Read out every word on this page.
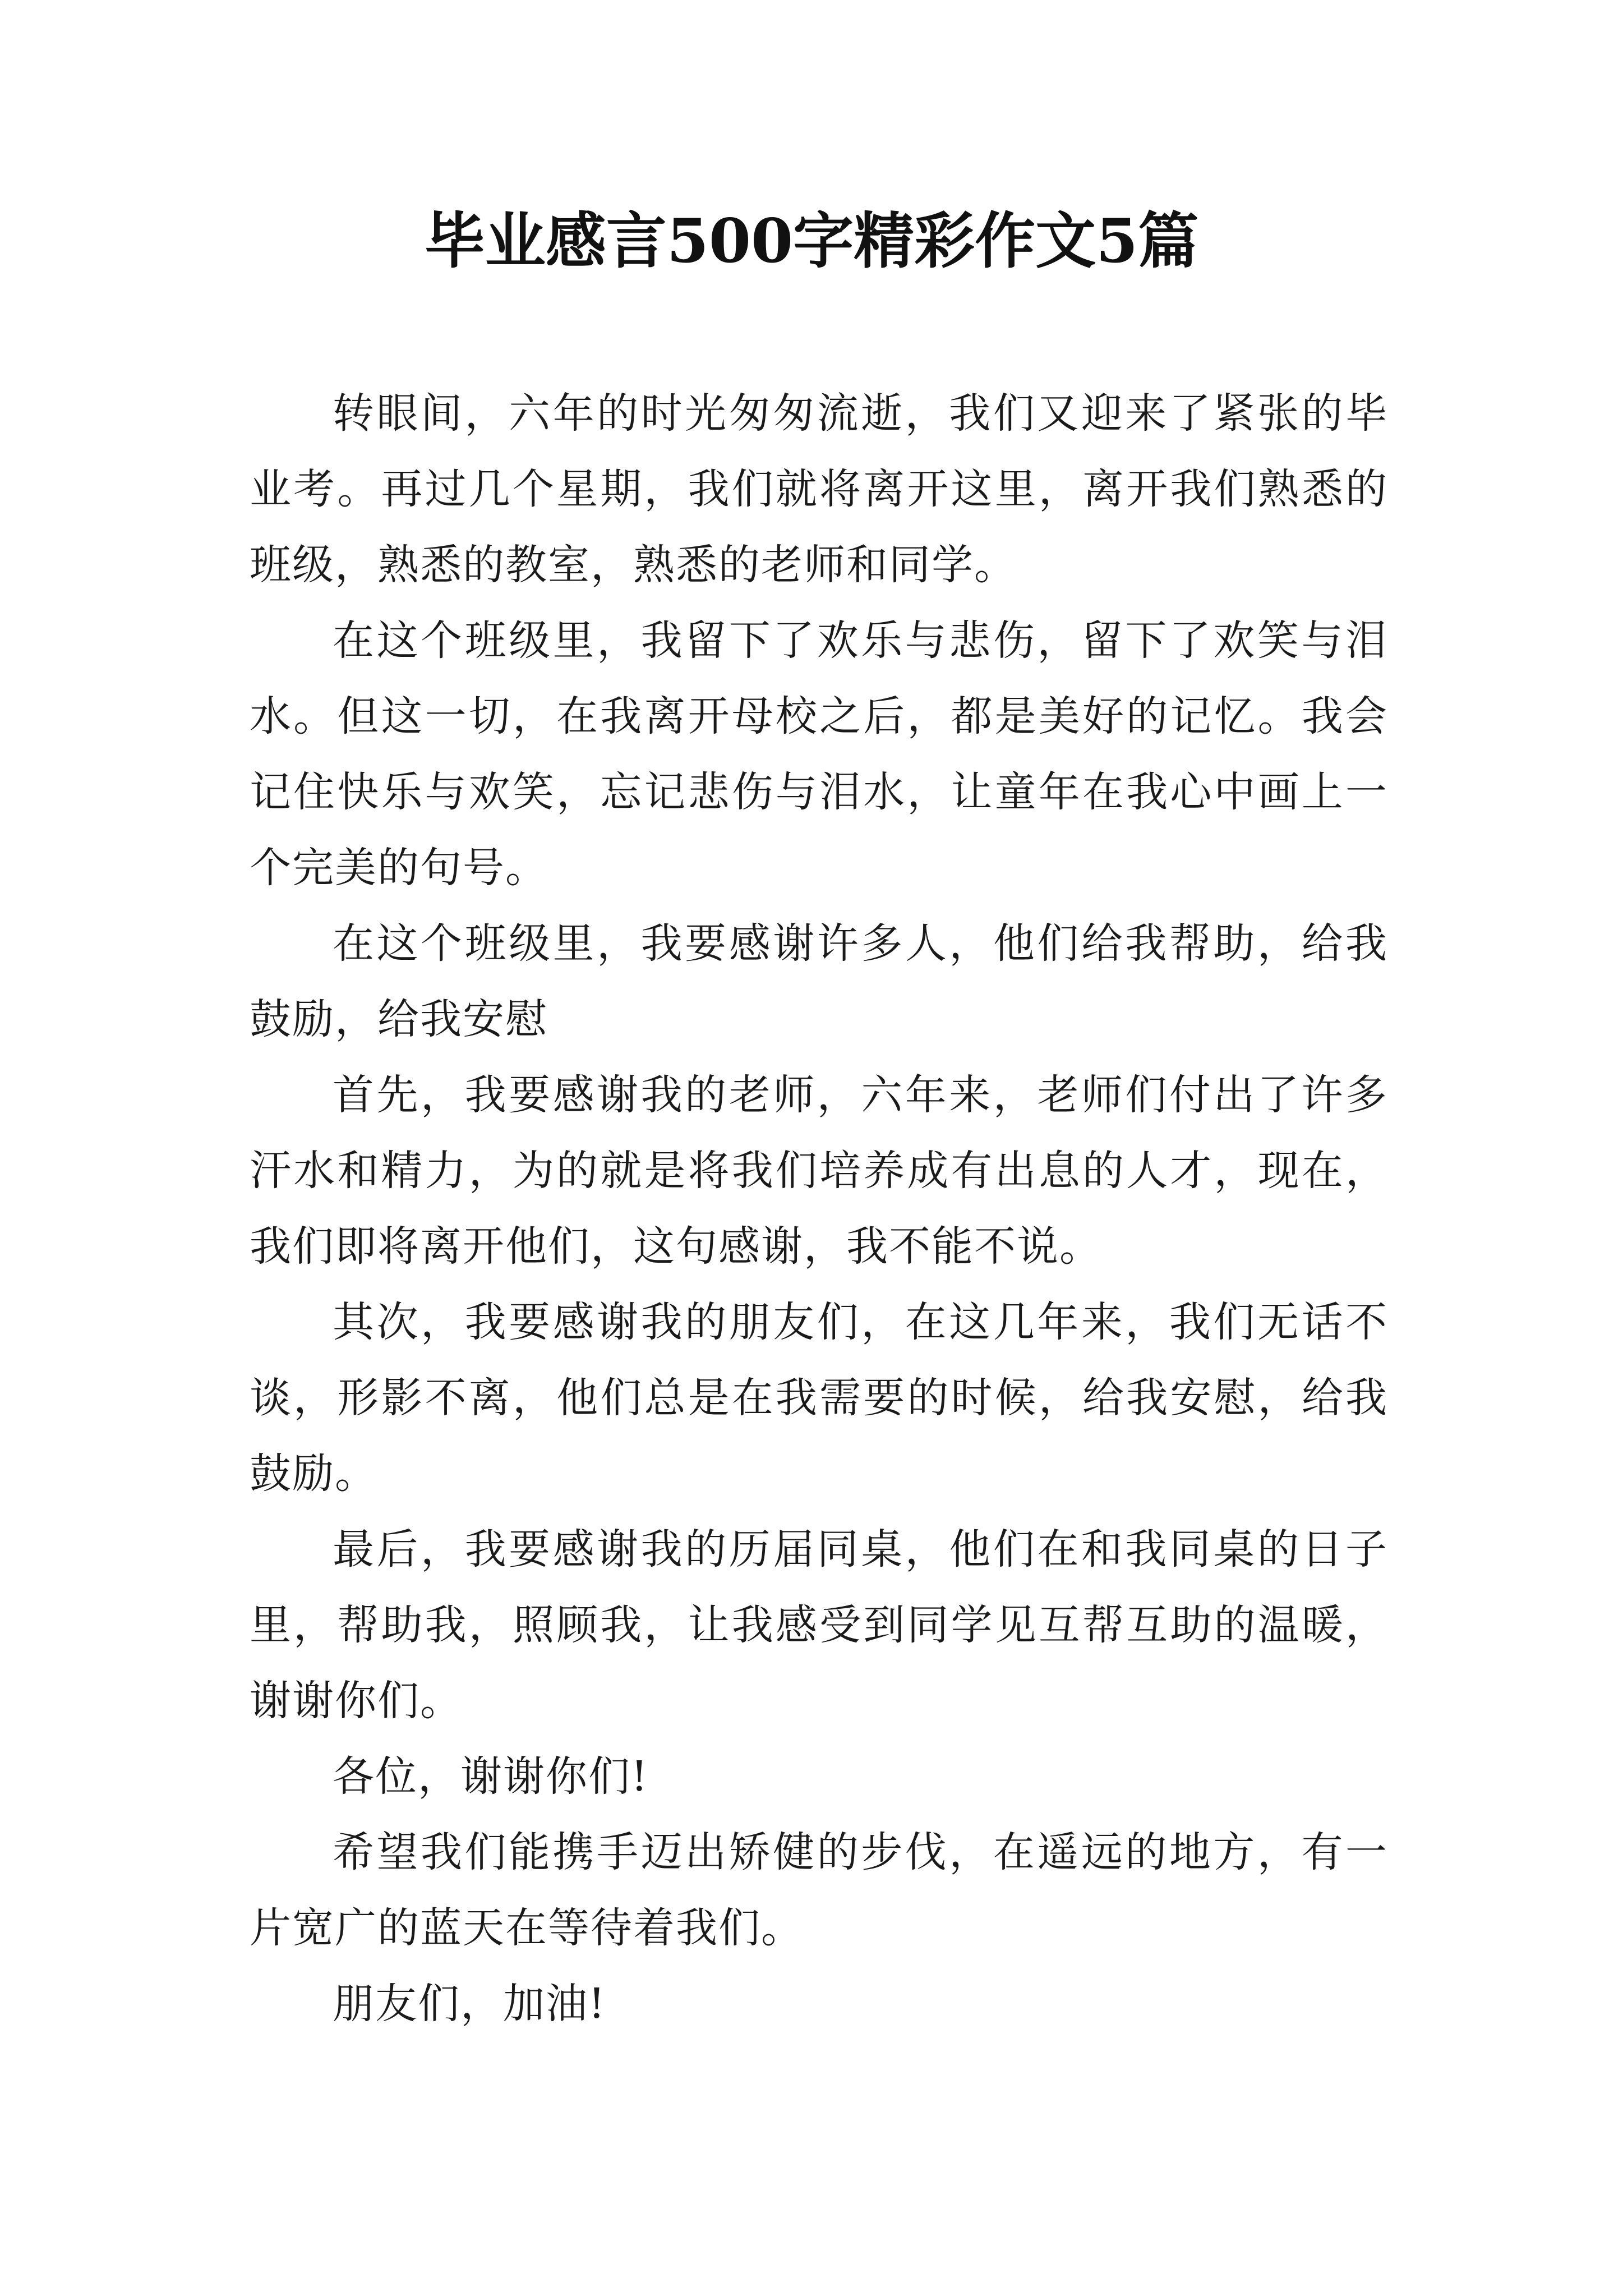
毕业感言500字精彩作文5篇

转眼间，六年的时光匆匆流逝，我们又迎来了紧张的毕业考。再过几个星期，我们就将离开这里，离开我们熟悉的班级，熟悉的教室，熟悉的老师和同学。

在这个班级里，我留下了欢乐与悲伤，留下了欢笑与泪水。但这一切，在我离开母校之后，都是美好的记忆。我会记住快乐与欢笑，忘记悲伤与泪水，让童年在我心中画上一个完美的句号。

在这个班级里，我要感谢许多人，他们给我帮助，给我鼓励，给我安慰

首先，我要感谢我的老师，六年来，老师们付出了许多汗水和精力，为的就是将我们培养成有出息的人才，现在，我们即将离开他们，这句感谢，我不能不说。

其次，我要感谢我的朋友们，在这几年来，我们无话不谈，形影不离，他们总是在我需要的时候，给我安慰，给我鼓励。

最后，我要感谢我的历届同桌，他们在和我同桌的日子里，帮助我，照顾我，让我感受到同学见互帮互助的温暖，谢谢你们。

各位，谢谢你们!

希望我们能携手迈出矫健的步伐，在遥远的地方，有一片宽广的蓝天在等待着我们。

朋友们，加油!
